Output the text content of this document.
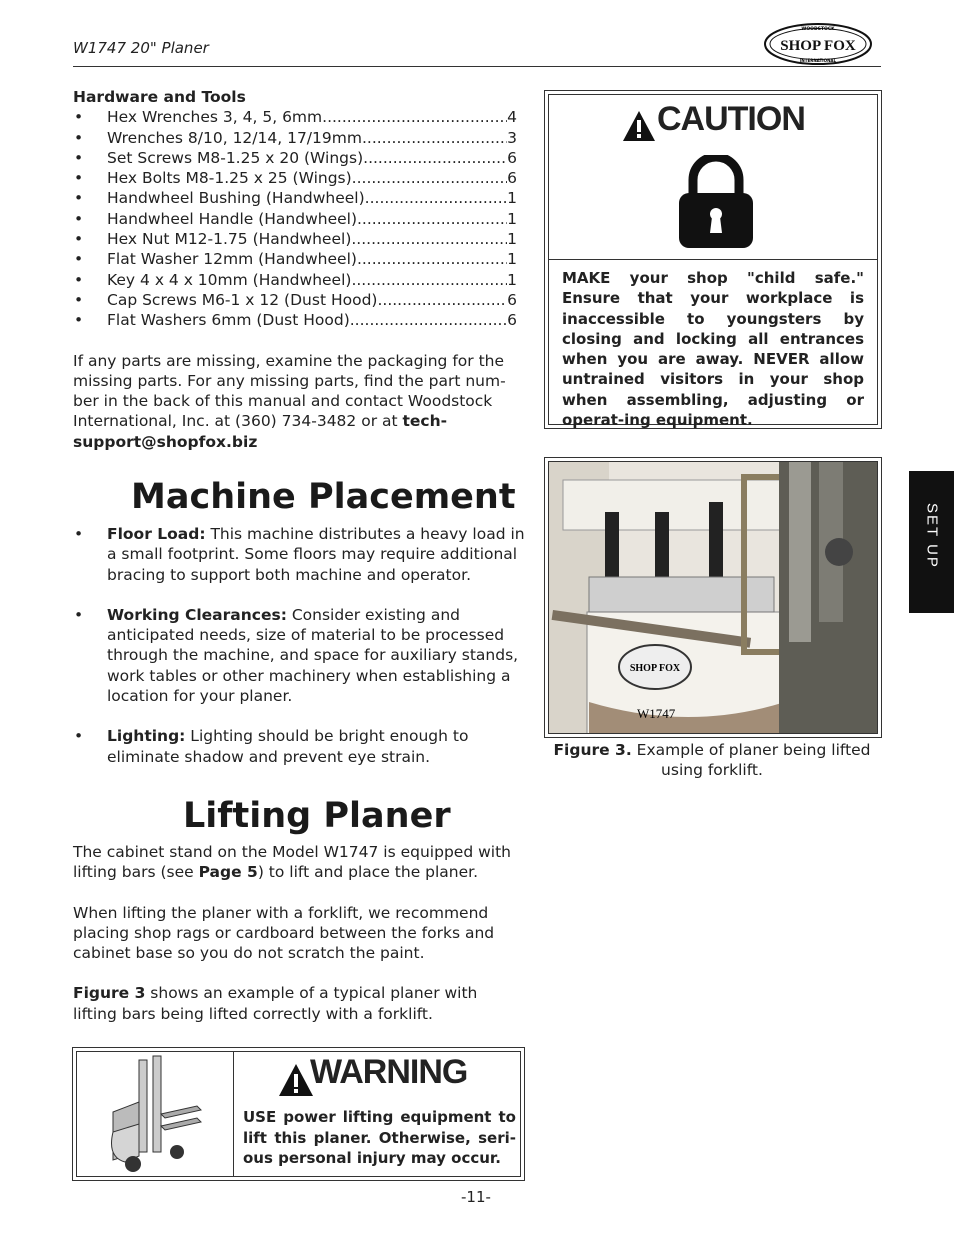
W1747 20" Planer
WOODSTOCK
SHOP FOX
INTERNATIONAL
Hardware and Tools
• Hex Wrenches 3, 4, 5, 6mm .....	4
• Wrenches 8/10, 12/14, 17/19mm .....	3
• Set Screws M8-1.25 x 20 (Wings) .....	6
• Hex Bolts M8-1.25 x 25 (Wings) .....	6
• Handwheel Bushing (Handwheel) .....	1
• Handwheel Handle (Handwheel) .....	1
• Hex Nut M12-1.75 (Handwheel) .....	1
• Flat Washer 12mm (Handwheel) .....	1
• Key 4 x 4 x 10mm (Handwheel) .....	1
• Cap Screws M6-1 x 12 (Dust Hood) .....	6
• Flat Washers 6mm (Dust Hood) .....	6

If any parts are missing, examine the packaging for the missing parts. For any missing parts, find the part num-ber in the back of this manual and contact Woodstock International, Inc. at (360) 734-3482 or at tech-support@shopfox.biz

Machine Placement
• Floor Load: This machine distributes a heavy load in a small footprint. Some floors may require additional bracing to support both machine and operator.
• Working Clearances: Consider existing and anticipated needs, size of material to be processed through the machine, and space for auxiliary stands, work tables or other machinery when establishing a location for your planer.
• Lighting: Lighting should be bright enough to eliminate shadow and prevent eye strain.
Lifting Planer

The cabinet stand on the Model W1747 is equipped with lifting bars (see Page 5) to lift and place the planer.

When lifting the planer with a forklift, we recommend placing shop rags or cardboard between the forks and cabinet base so you do not scratch the paint.

Figure 3 shows an example of a typical planer with lifting bars being lifted correctly with a forklift.

CAUTION
MAKE your shop "child safe." Ensure that your workplace is inaccessible to youngsters by closing and locking all entrances when you are away. NEVER allow untrained visitors in your shop when assembling, adjusting or operat-ing equipment.
SHOP FOX
W1747
Figure 3. Example of planer being lifted using forklift.
SET UP
WARNING
USE power lifting equipment to lift this planer. Otherwise, seri-ous personal injury may occur.
-11-
